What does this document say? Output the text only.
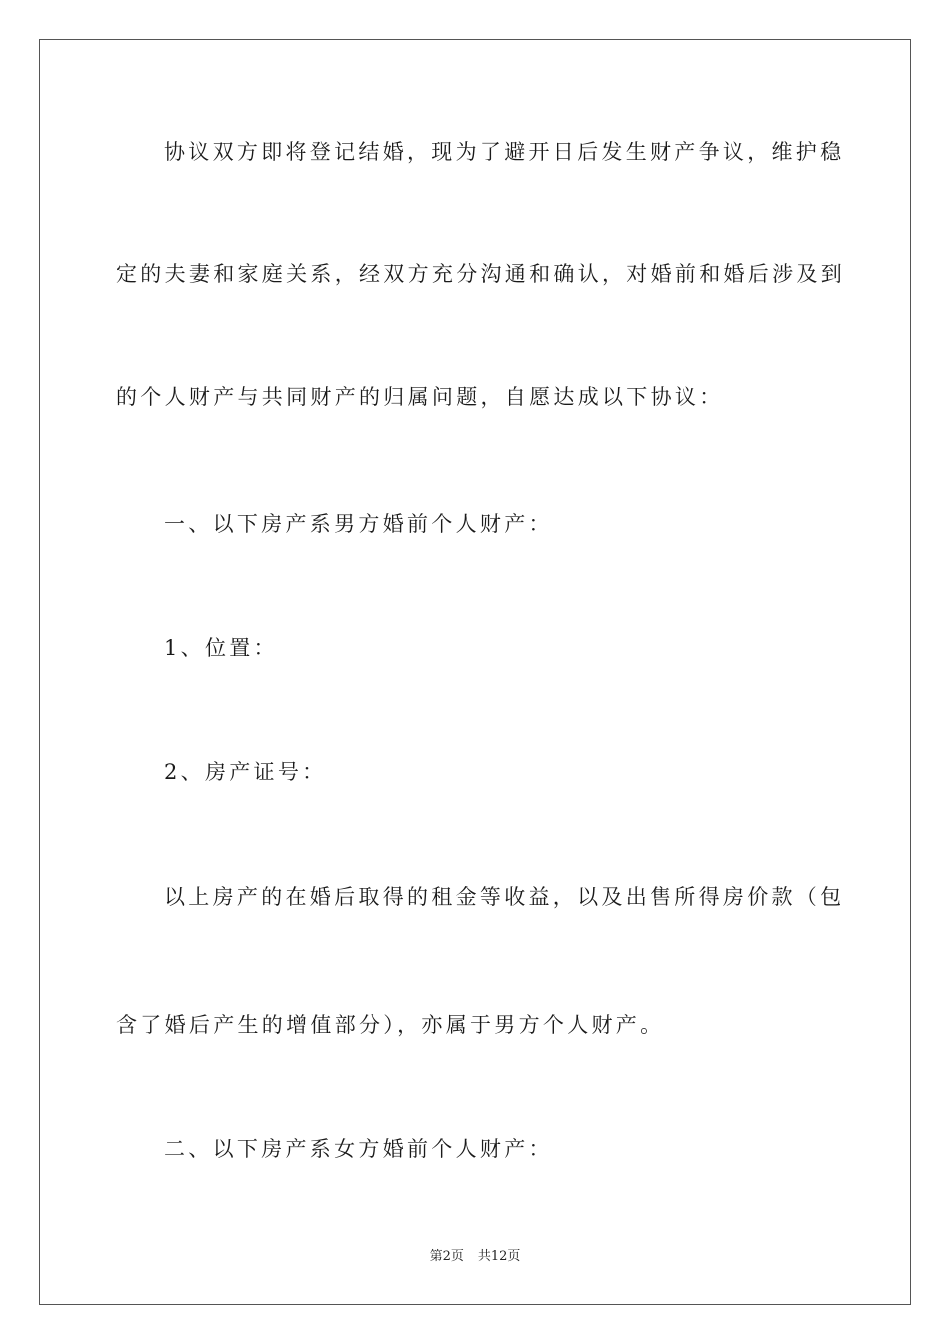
协议双方即将登记结婚，现为了避开日后发生财产争议，维护稳
定的夫妻和家庭关系，经双方充分沟通和确认，对婚前和婚后涉及到
的个人财产与共同财产的归属问题，自愿达成以下协议：
一、以下房产系男方婚前个人财产：
1、位置：
2、房产证号：
以上房产的在婚后取得的租金等收益，以及出售所得房价款（包
含了婚后产生的增值部分），亦属于男方个人财产。
二、以下房产系女方婚前个人财产：
第2页 共12页
